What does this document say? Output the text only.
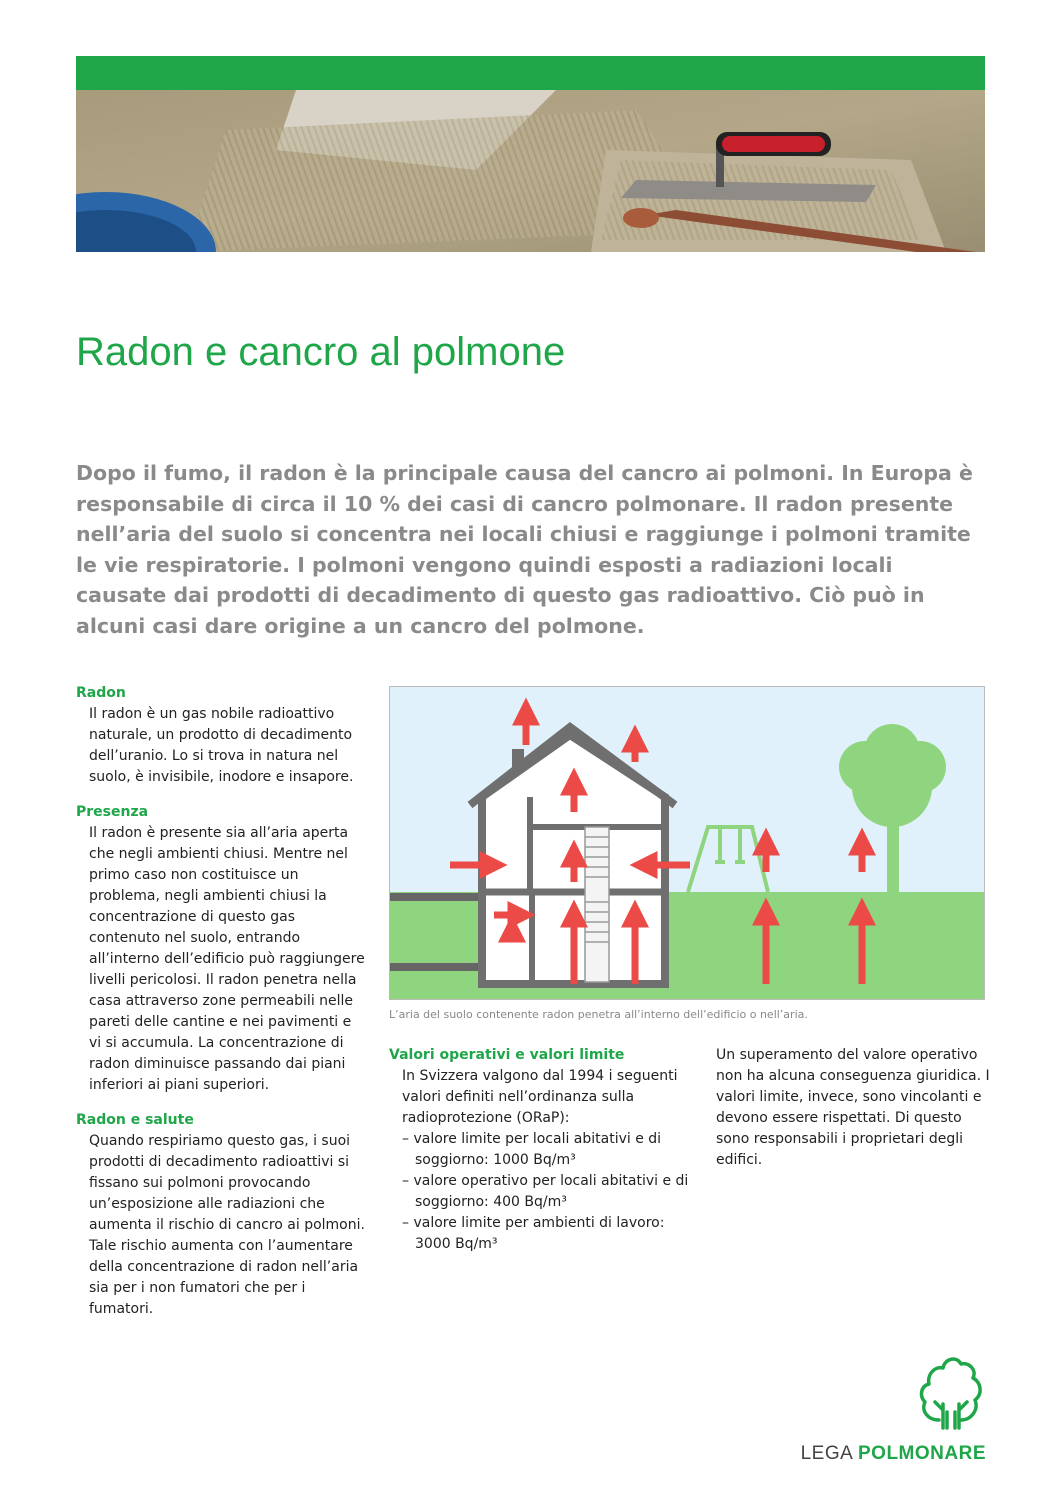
Radon e cancro al polmone

Dopo il fumo, il radon è la principale causa del cancro ai polmoni. In Europa è responsabile di circa il 10 % dei casi di cancro polmonare. Il radon presente nell’aria del suolo si concentra nei locali chiusi e raggiunge i polmoni tramite le vie respiratorie. I polmoni vengono quindi esposti a radiazioni locali causate dai prodotti di decadimento di questo gas radioattivo. Ciò può in alcuni casi dare origine a un cancro del polmone.

Radon

Il radon è un gas nobile radioattivo naturale, un prodotto di decadimento dell’uranio. Lo si trova in natura nel suolo, è invisibile, inodore e insapore.

Presenza

Il radon è presente sia all’aria aperta che negli ambienti chiusi. Mentre nel primo caso non costituisce un problema, negli ambienti chiusi la concentrazione di questo gas contenuto nel suolo, entrando all’interno dell’edificio può raggiungere livelli pericolosi. Il radon penetra nella casa attraverso zone permeabili nelle pareti delle cantine e nei pavimenti e vi si accumula. La concentrazione di radon diminuisce passando dai piani inferiori ai piani superiori.

Radon e salute

Quando respiriamo questo gas, i suoi prodotti di decadimento radioattivi si fissano sui polmoni provocando un’esposizione alle radiazioni che aumenta il rischio di cancro ai polmoni. Tale rischio aumenta con l’aumentare della concentrazione di radon nell’aria sia per i non fumatori che per i fumatori.

L’aria del suolo contenente radon penetra all’interno dell’edificio o nell’aria.
Valori operativi e valori limite

In Svizzera valgono dal 1994 i seguenti valori definiti nell’ordinanza sulla radioprotezione (ORaP):

– valore limite per locali abitativi e di soggiorno: 1000 Bq/m³
– valore operativo per locali abitativi e di soggiorno: 400 Bq/m³
– valore limite per ambienti di lavoro: 3000 Bq/m³

Un superamento del valore operativo non ha alcuna conseguenza giuridica. I valori limite, invece, sono vincolanti e devono essere rispettati. Di questo sono responsabili i proprietari degli edifici.

LEGA POLMONARE
